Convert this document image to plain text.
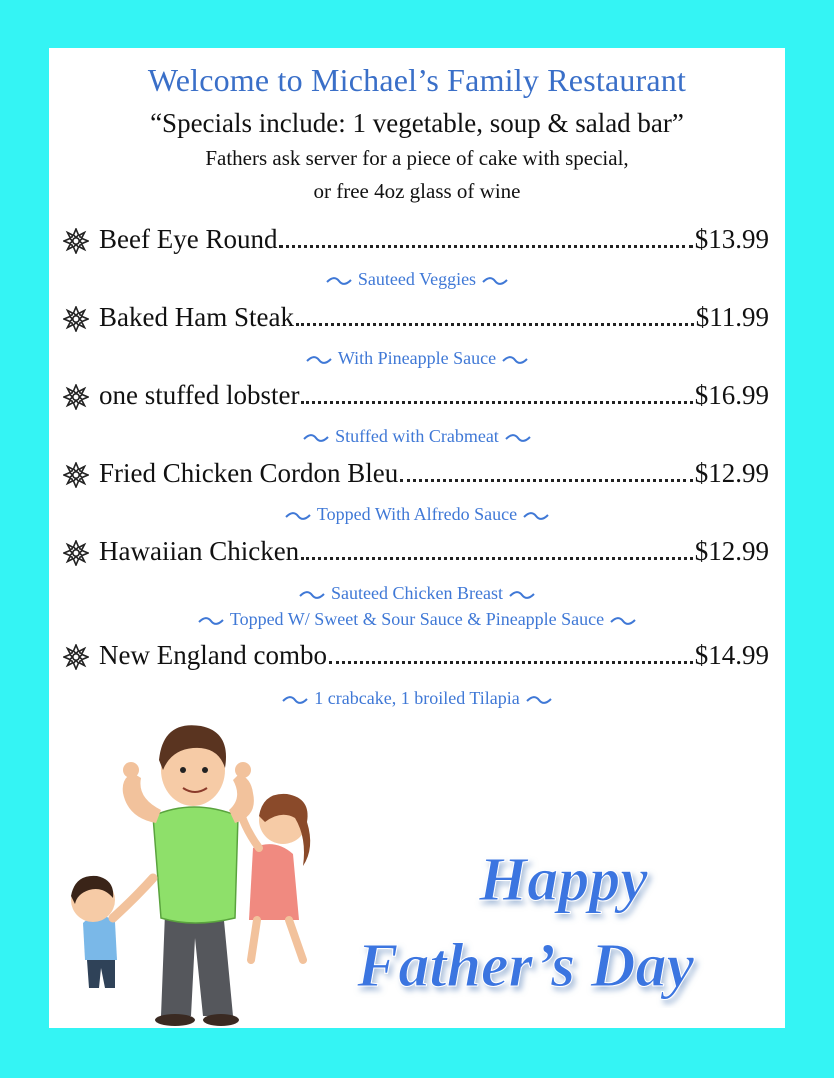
Welcome to Michael’s Family Restaurant
“Specials include: 1 vegetable, soup & salad bar”
Fathers ask server for a piece of cake with special,
or free 4oz glass of wine
Beef Eye Round	$13.99
Sauteed Veggies
Baked Ham Steak	$11.99
With Pineapple Sauce
one stuffed lobster	$16.99
Stuffed with Crabmeat
Fried Chicken Cordon Bleu	$12.99
Topped With Alfredo Sauce
Hawaiian Chicken	$12.99
Sauteed Chicken Breast
Topped W/ Sweet & Sour Sauce & Pineapple Sauce
New England combo	$14.99
1 crabcake, 1 broiled Tilapia
Happy
Father’s Day
